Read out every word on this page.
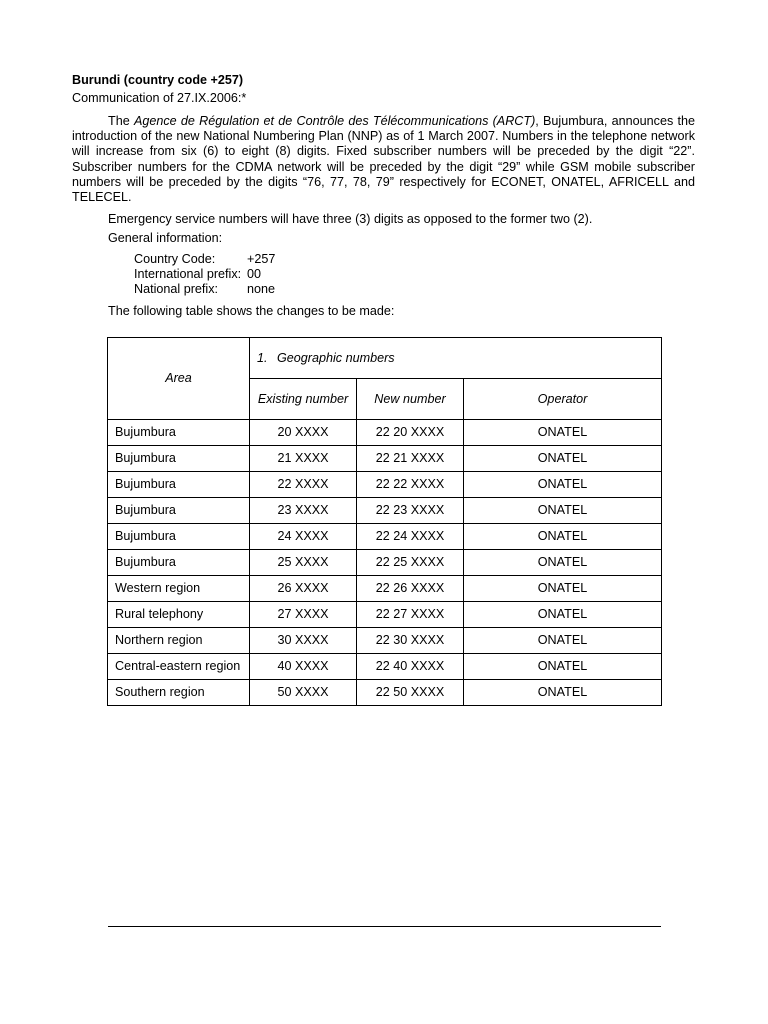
Burundi (country code +257)
Communication of 27.IX.2006:*

The Agence de Régulation et de Contrôle des Télécommunications (ARCT), Bujumbura, announces the introduction of the new National Numbering Plan (NNP) as of 1 March 2007. Numbers in the telephone network will increase from six (6) to eight (8) digits. Fixed subscriber numbers will be preceded by the digit “22”. Subscriber numbers for the CDMA network will be preceded by the digit “29” while GSM mobile subscriber numbers will be preceded by the digits “76, 77, 78, 79” respectively for ECONET, ONATEL, AFRICELL and TELECEL.

Emergency service numbers will have three (3) digits as opposed to the former two (2).
General information:
Country Code:	+257
International prefix: 00
National prefix: none
The following table shows the changes to be made:
Area	1. Geographic numbers		
	Existing number	New number	Operator
Bujumbura	20 XXXX	22 20 XXXX	ONATEL
Bujumbura	21 XXXX	22 21 XXXX	ONATEL
Bujumbura	22 XXXX	22 22 XXXX	ONATEL
Bujumbura	23 XXXX	22 23 XXXX	ONATEL
Bujumbura	24 XXXX	22 24 XXXX	ONATEL
Bujumbura	25 XXXX	22 25 XXXX	ONATEL
Western region	26 XXXX	22 26 XXXX	ONATEL
Rural telephony	27 XXXX	22 27 XXXX	ONATEL
Northern region	30 XXXX	22 30 XXXX	ONATEL
Central-eastern region	40 XXXX	22 40 XXXX	ONATEL
Southern region	50 XXXX	22 50 XXXX	ONATEL
